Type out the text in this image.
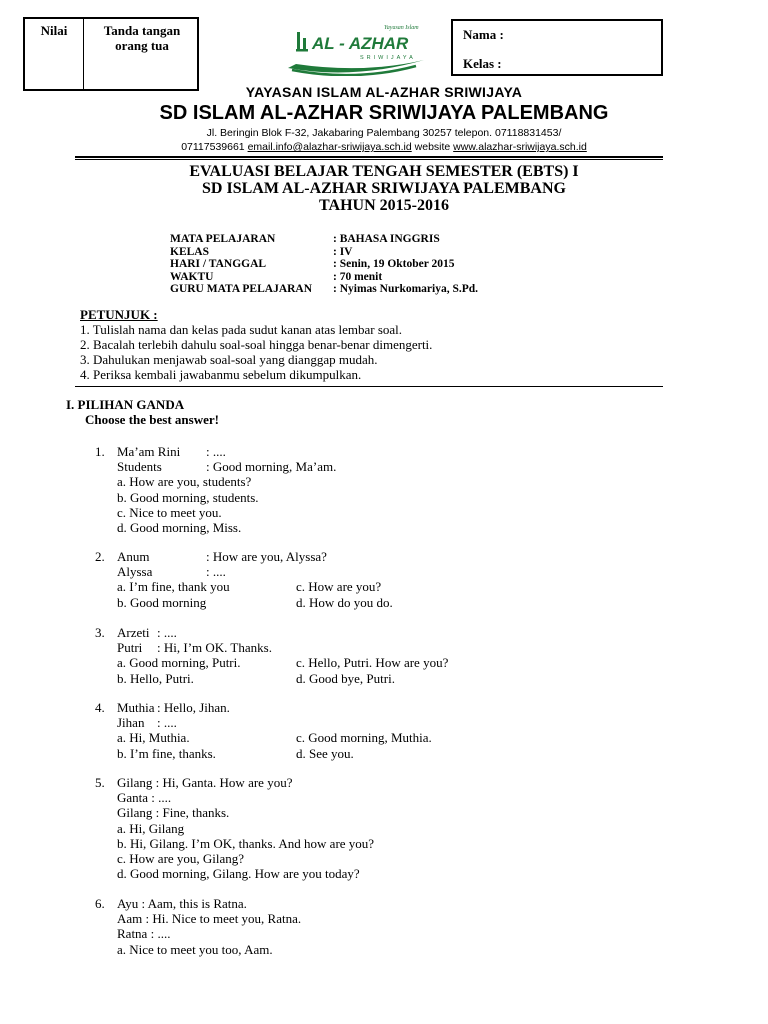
Nilai	Tanda tangan orang tua
Yayasan Islam
AL - AZHAR
SRIWIJAYA
Nama :
Kelas :
YAYASAN ISLAM AL-AZHAR SRIWIJAYA
SD ISLAM AL-AZHAR SRIWIJAYA PALEMBANG
Jl. Beringin Blok F-32, Jakabaring Palembang 30257 telepon. 07118831453/
07117539661 email.info@alazhar-sriwijaya.sch.id website www.alazhar-sriwijaya.sch.id
EVALUASI BELAJAR TENGAH SEMESTER (EBTS) I
SD ISLAM AL-AZHAR SRIWIJAYA PALEMBANG
TAHUN 2015-2016
MATA PELAJARAN	: BAHASA INGGRIS
KELAS	: IV
HARI / TANGGAL	: Senin, 19 Oktober 2015
WAKTU	: 70 menit
GURU MATA PELAJARAN : Nyimas Nurkomariya, S.Pd.
PETUNJUK :
1. Tulislah nama dan kelas pada sudut kanan atas lembar soal.
2. Bacalah terlebih dahulu soal-soal hingga benar-benar dimengerti.
3. Dahulukan menjawab soal-soal yang dianggap mudah.
4. Periksa kembali jawabanmu sebelum dikumpulkan.
I. PILIHAN GANDA
Choose the best answer!
1. Ma’am Rini : ....
Students	: Good morning, Ma’am.
a. How are you, students?
b. Good morning, students.
c. Nice to meet you.
d. Good morning, Miss.
2. Anum	: How are you, Alyssa?
Alyssa	: ....
a. I’m fine, thank you	c. How are you?
b. Good morning	d. How do you do.
3. Arzeti : ....
Putri : Hi, I’m OK. Thanks.
a. Good morning, Putri.	c. Hello, Putri. How are you?
b. Hello, Putri.	d. Good bye, Putri.
4. Muthia : Hello, Jihan.
Jihan : ....
a. Hi, Muthia.	c. Good morning, Muthia.
b. I’m fine, thanks.	d. See you.
5. Gilang : Hi, Ganta. How are you?
Ganta : ....
Gilang : Fine, thanks.
a. Hi, Gilang
b. Hi, Gilang. I’m OK, thanks. And how are you?
c. How are you, Gilang?
d. Good morning, Gilang. How are you today?
6. Ayu : Aam, this is Ratna.
Aam : Hi. Nice to meet you, Ratna.
Ratna : ....
a. Nice to meet you too, Aam.
